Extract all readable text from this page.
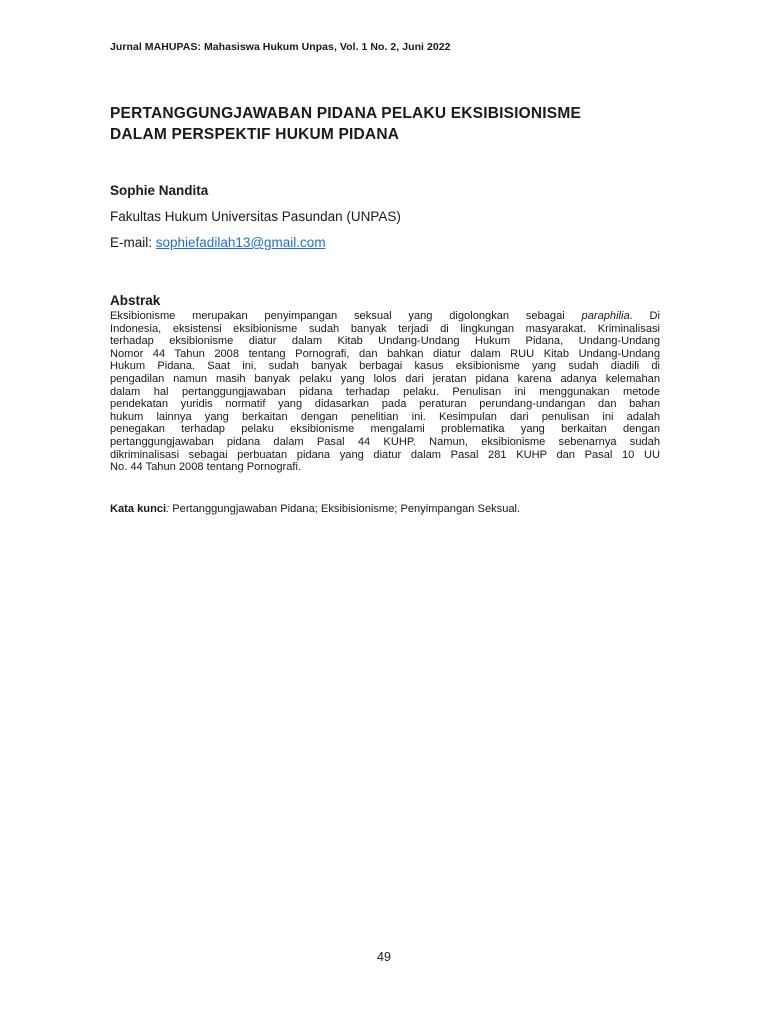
Jurnal MAHUPAS: Mahasiswa Hukum Unpas, Vol. 1 No. 2, Juni 2022
PERTANGGUNGJAWABAN PIDANA PELAKU EKSIBISIONISME
DALAM PERSPEKTIF HUKUM PIDANA
Sophie Nandita
Fakultas Hukum Universitas Pasundan (UNPAS)
E-mail: sophiefadilah13@gmail.com
Abstrak
Eksibionisme merupakan penyimpangan seksual yang digolongkan sebagai paraphilia. Di
Indonesia, eksistensi eksibionisme sudah banyak terjadi di lingkungan masyarakat. Kriminalisasi
terhadap eksibionisme diatur dalam Kitab Undang-Undang Hukum Pidana, Undang-Undang
Nomor 44 Tahun 2008 tentang Pornografi, dan bahkan diatur dalam RUU Kitab Undang-Undang
Hukum Pidana. Saat ini, sudah banyak berbagai kasus eksibionisme yang sudah diadili di
pengadilan namun masih banyak pelaku yang lolos dari jeratan pidana karena adanya kelemahan
dalam hal pertanggungjawaban pidana terhadap pelaku. Penulisan ini menggunakan metode
pendekatan yuridis normatif yang didasarkan pada peraturan perundang-undangan dan bahan
hukum lainnya yang berkaitan dengan penelitian ini. Kesimpulan dari penulisan ini adalah
penegakan terhadap pelaku eksibionisme mengalami problematika yang berkaitan dengan
pertanggungjawaban pidana dalam Pasal 44 KUHP. Namun, eksibionisme sebenarnya sudah
dikriminalisasi sebagai perbuatan pidana yang diatur dalam Pasal 281 KUHP dan Pasal 10 UU
No. 44 Tahun 2008 tentang Pornografi.
Kata kunci: Pertanggungjawaban Pidana; Eksibisionisme; Penyimpangan Seksual.
49
